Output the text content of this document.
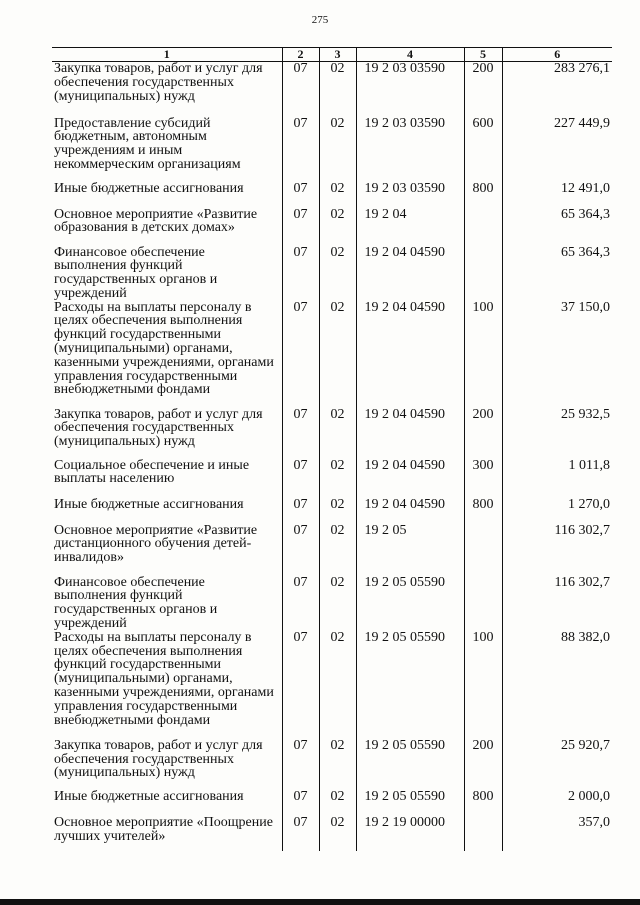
275
1	2	3	4	5	6
Закупка товаров, работ и услуг для обеспечения государственных (муниципальных) нужд	07	02	19 2 03 03590	200	283 276,1
Предоставление субсидий бюджетным, автономным учреждениям и иным некоммерческим организациям	07	02	19 2 03 03590	600	227 449,9
Иные бюджетные ассигнования	07	02	19 2 03 03590	800	12 491,0
Основное мероприятие «Развитие образования в детских домах»	07	02	19 2 04		65 364,3
Финансовое обеспечение выполнения функций государственных органов и учреждений	07	02	19 2 04 04590		65 364,3
Расходы на выплаты персоналу в целях обеспечения выполнения функций государственными (муниципальными) органами, казенными учреждениями, органами управления государственными внебюджетными фондами	07	02	19 2 04 04590	100	37 150,0
Закупка товаров, работ и услуг для обеспечения государственных (муниципальных) нужд	07	02	19 2 04 04590	200	25 932,5
Социальное обеспечение и иные выплаты населению	07	02	19 2 04 04590	300	1 011,8
Иные бюджетные ассигнования	07	02	19 2 04 04590	800	1 270,0
Основное мероприятие «Развитие дистанционного обучения детей-инвалидов»	07	02	19 2 05		116 302,7
Финансовое обеспечение выполнения функций государственных органов и учреждений	07	02	19 2 05 05590		116 302,7
Расходы на выплаты персоналу в целях обеспечения выполнения функций государственными (муниципальными) органами, казенными учреждениями, органами управления государственными внебюджетными фондами	07	02	19 2 05 05590	100	88 382,0
Закупка товаров, работ и услуг для обеспечения государственных (муниципальных) нужд	07	02	19 2 05 05590	200	25 920,7
Иные бюджетные ассигнования	07	02	19 2 05 05590	800	2 000,0
Основное мероприятие «Поощрение лучших учителей»	07	02	19 2 19 00000		357,0
